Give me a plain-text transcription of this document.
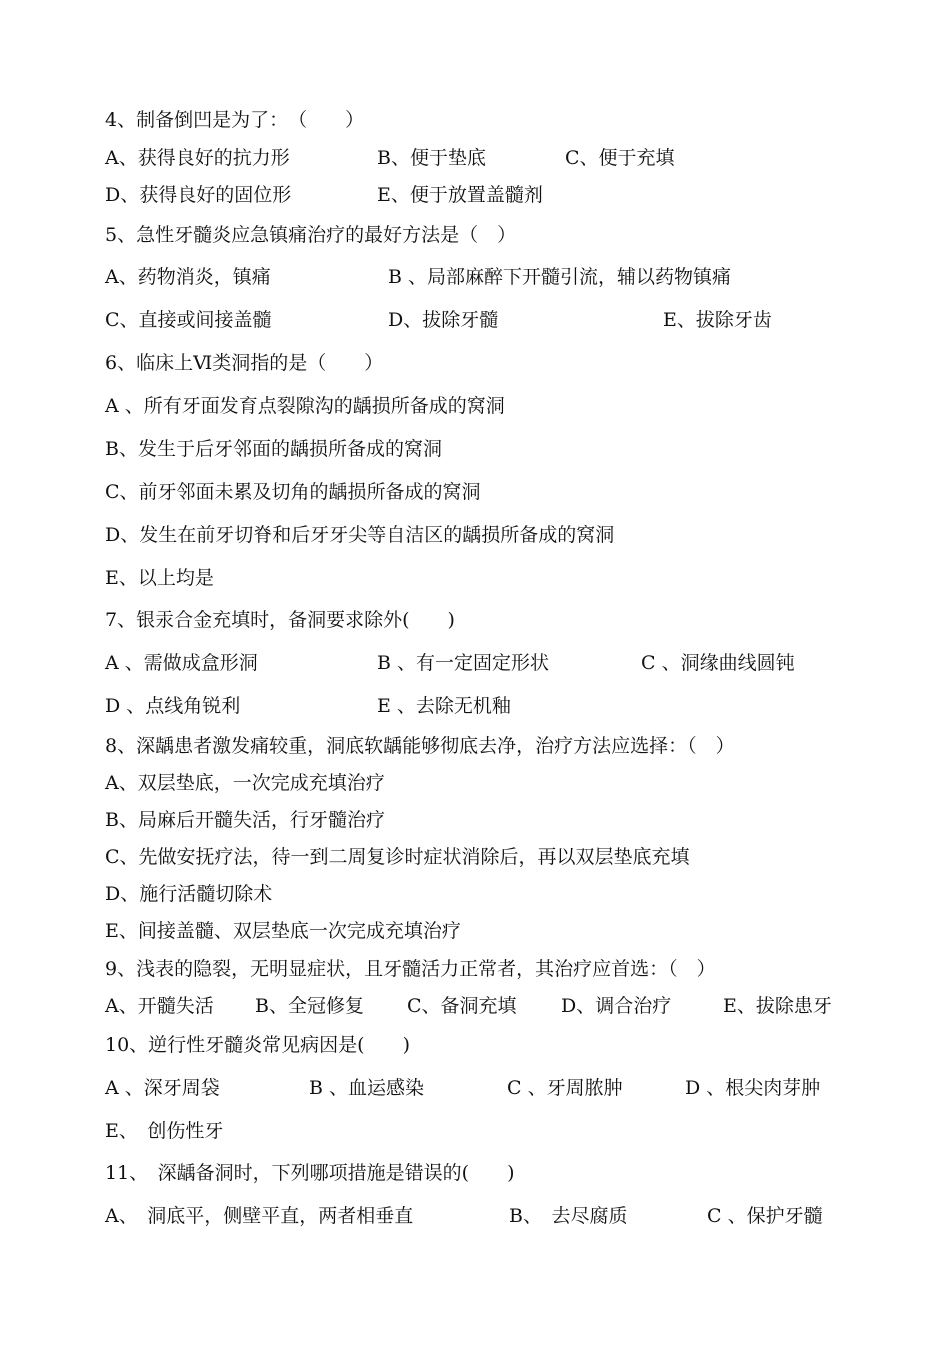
4、制备倒凹是为了：　（　　）

A、获得良好的抗力形

	B、便于垫底

	C、便于充填

D、获得良好的固位形

	E、便于放置盖髓剂

5、急性牙髓炎应急镇痛治疗的最好方法是（　）

A、药物消炎，镇痛

	B 、局部麻醉下开髓引流，辅以药物镇痛

C、直接或间接盖髓

	D、拔除牙髓

	E、拔除牙齿

6、临床上Ⅵ类洞指的是（　　）
A 、所有牙面发育点裂隙沟的龋损所备成的窝洞
B、发生于后牙邻面的龋损所备成的窝洞
C、前牙邻面未累及切角的龋损所备成的窝洞
D、发生在前牙切脊和后牙牙尖等自洁区的龋损所备成的窝洞
E、以上均是
7、银汞合金充填时，备洞要求除外(　　)

A 、需做成盒形洞

	B 、有一定固定形状

	C 、洞缘曲线圆钝

D 、点线角锐利

	E 、去除无机釉

8、深龋患者激发痛较重，洞底软龋能够彻底去净，治疗方法应选择：（　）
A、双层垫底，一次完成充填治疗
B、局麻后开髓失活，行牙髓治疗
C、先做安抚疗法，待一到二周复诊时症状消除后，再以双层垫底充填
D、施行活髓切除术
E、间接盖髓、双层垫底一次完成充填治疗
9、浅表的隐裂，无明显症状，且牙髓活力正常者，其治疗应首选：（　）

A、开髓失活

B、全冠修复

C、备洞充填

D、调合治疗

	E、拔除患牙

10、逆行性牙髓炎常见病因是(　　)

A 、深牙周袋

	B 、血运感染

	C 、牙周脓肿

	D 、根尖肉芽肿

E、　创伤性牙

11、　深龋备洞时，下列哪项措施是错误的(　　)

A、　洞底平，侧壁平直，两者相垂直

	B、　去尽腐质

	C 、保护牙髓
